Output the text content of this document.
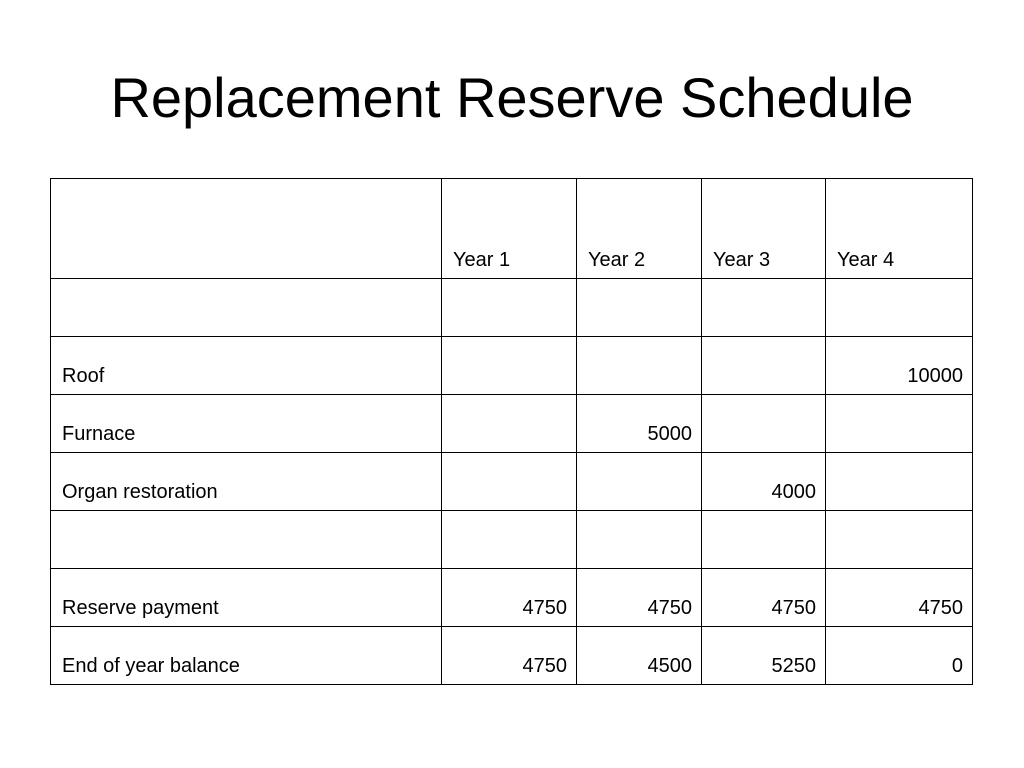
Replacement Reserve Schedule
	Year 1	Year 2	Year 3	Year 4

Roof				10000
Furnace		5000		
Organ restoration			4000	

Reserve payment	4750	4750	4750	4750
End of year balance	4750	4500	5250	0
